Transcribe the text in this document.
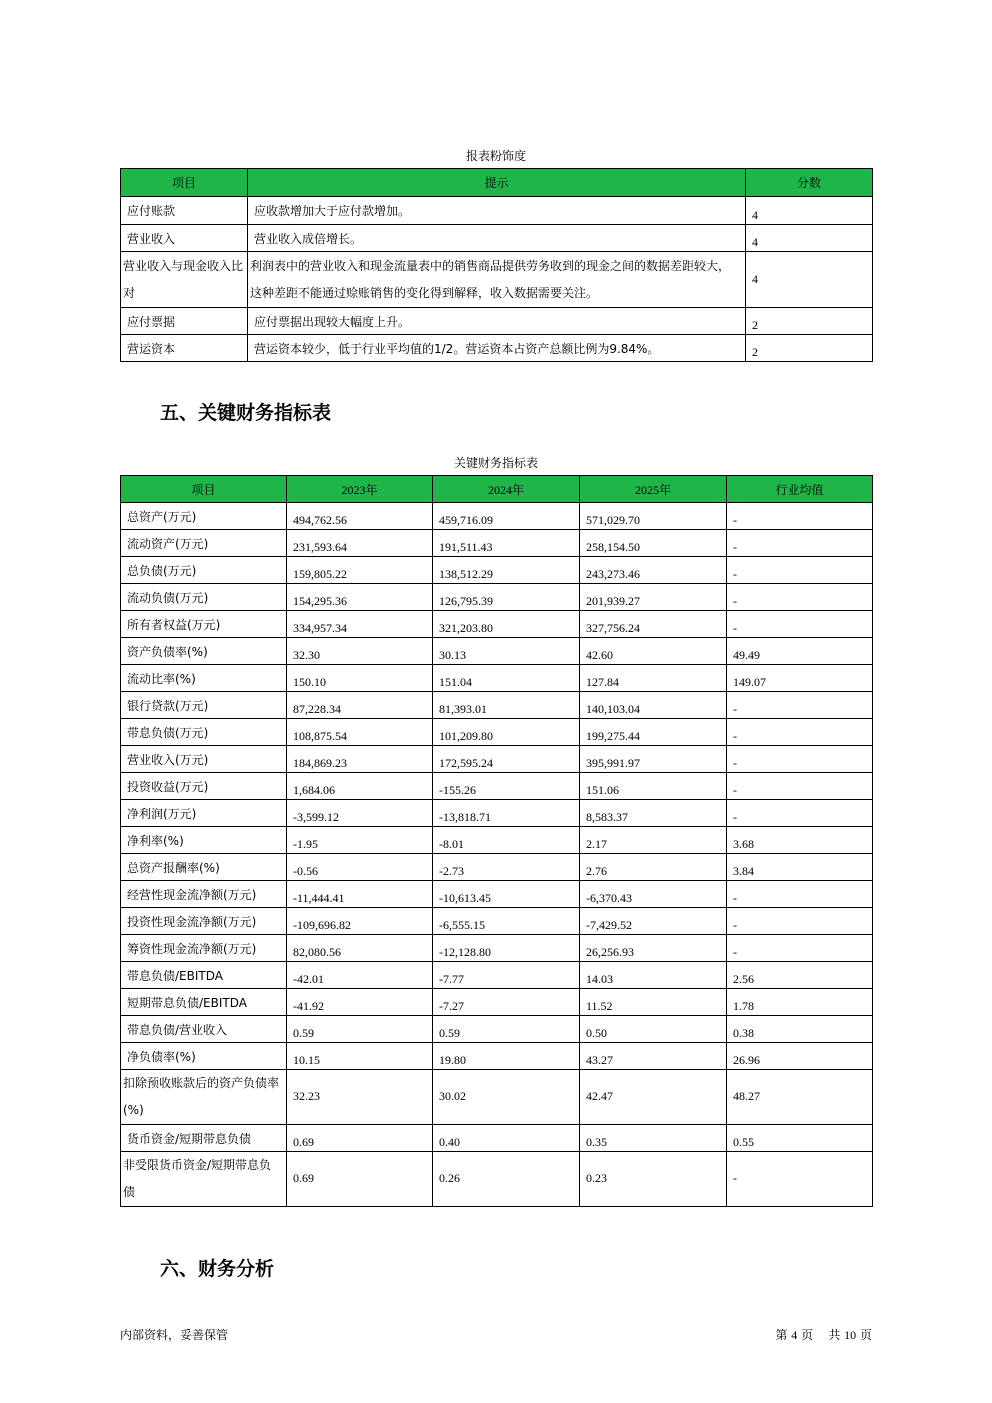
报表粉饰度
项目	提示	分数
应付账款	应收款增加大于应付款增加。	4
营业收入	营业收入成倍增长。	4
营业收入与现金收入比对	利润表中的营业收入和现金流量表中的销售商品提供劳务收到的现金之间的数据差距较大，这种差距不能通过赊账销售的变化得到解释，收入数据需要关注。	4
应付票据	应付票据出现较大幅度上升。	2
营运资本	营运资本较少，低于行业平均值的1/2。营运资本占资产总额比例为9.84%。	2
五、关键财务指标表
关键财务指标表
项目	2023年	2024年	2025年	行业均值
总资产(万元)	494,762.56	459,716.09	571,029.70	-
流动资产(万元)	231,593.64	191,511.43	258,154.50	-
总负债(万元)	159,805.22	138,512.29	243,273.46	-
流动负债(万元)	154,295.36	126,795.39	201,939.27	-
所有者权益(万元)	334,957.34	321,203.80	327,756.24	-
资产负债率(%)	32.30	30.13	42.60	49.49
流动比率(%)	150.10	151.04	127.84	149.07
银行贷款(万元)	87,228.34	81,393.01	140,103.04	-
带息负债(万元)	108,875.54	101,209.80	199,275.44	-
营业收入(万元)	184,869.23	172,595.24	395,991.97	-
投资收益(万元)	1,684.06	-155.26	151.06	-
净利润(万元)	-3,599.12	-13,818.71	8,583.37	-
净利率(%)	-1.95	-8.01	2.17	3.68
总资产报酬率(%)	-0.56	-2.73	2.76	3.84
经营性现金流净额(万元)	-11,444.41	-10,613.45	-6,370.43	-
投资性现金流净额(万元)	-109,696.82	-6,555.15	-7,429.52	-
筹资性现金流净额(万元)	82,080.56	-12,128.80	26,256.93	-
带息负债/EBITDA	-42.01	-7.77	14.03	2.56
短期带息负债/EBITDA	-41.92	-7.27	11.52	1.78
带息负债/营业收入	0.59	0.59	0.50	0.38
净负债率(%)	10.15	19.80	43.27	26.96
扣除预收账款后的资产负债率(%)	32.23	30.02	42.47	48.27
货币资金/短期带息负债	0.69	0.40	0.35	0.55
非受限货币资金/短期带息负债	0.69	0.26	0.23	-
六、财务分析
内部资料，妥善保管	第 4 页    共 10 页
